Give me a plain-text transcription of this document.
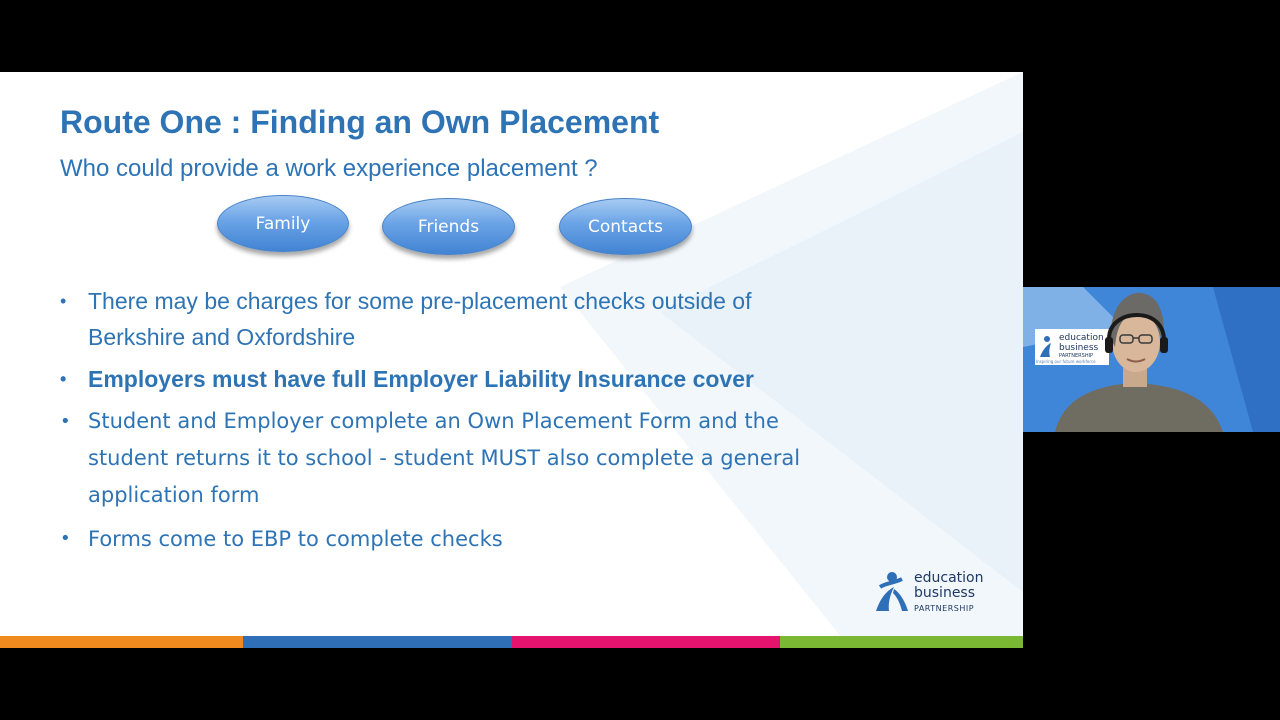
Route One : Finding an Own Placement
Who could provide a work experience placement ?
Family	Friends	Contacts
• There may be charges for some pre-placement checks outside of Berkshire and Oxfordshire
• Employers must have full Employer Liability Insurance cover
• Student and Employer complete an Own Placement Form and the student returns it to school - student MUST also complete a general application form
• Forms come to EBP to complete checks
education
business
PARTNERSHIP
education
business
PARTNERSHIP
Inspiring our future workforce
